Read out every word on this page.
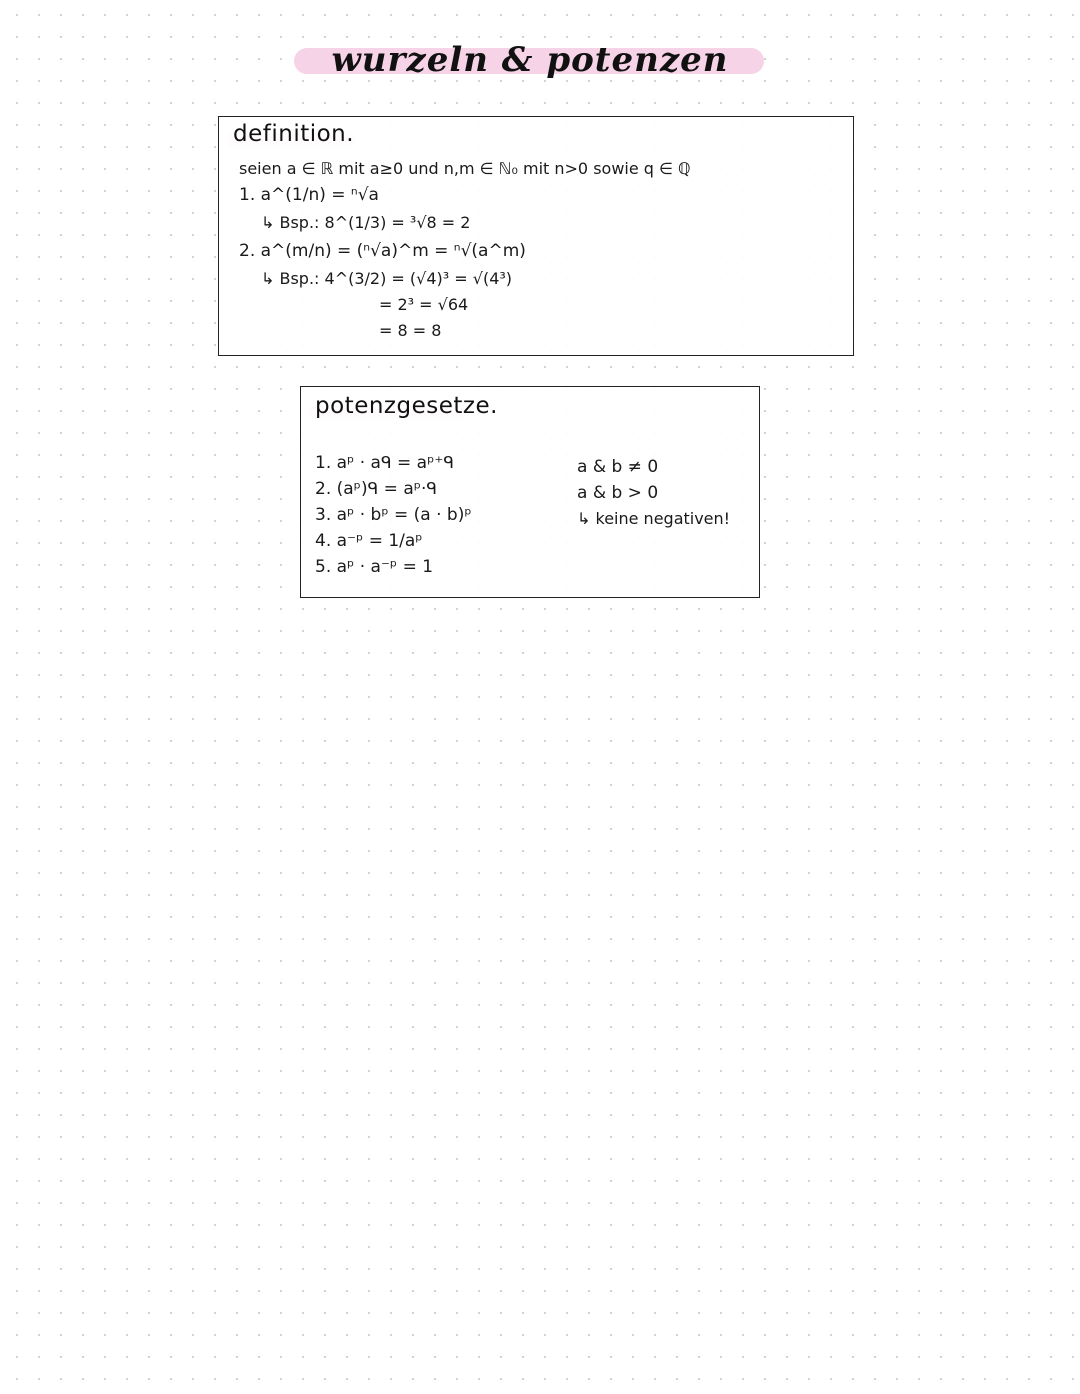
wurzeln & potenzen
definition.
seien a ∈ ℝ mit a≥0 und n,m ∈ ℕ₀ mit n>0 sowie q ∈ ℚ
1. a^(1/n) = ⁿ√a
↳ Bsp.: 8^(1/3) = ³√8 = 2
2. a^(m/n) = (ⁿ√a)^m = ⁿ√(a^m)
↳ Bsp.: 4^(3/2) = (√4)³ = √(4³)
= 2³ = √64
= 8 = 8
potenzgesetze.
1. aᵖ · aᑫ = aᵖ⁺ᑫ
2. (aᵖ)ᑫ = aᵖ·ᑫ
3. aᵖ · bᵖ = (a · b)ᵖ
4. a⁻ᵖ = 1/aᵖ
5. aᵖ · a⁻ᵖ = 1
a & b ≠ 0
a & b > 0
↳ keine negativen!
